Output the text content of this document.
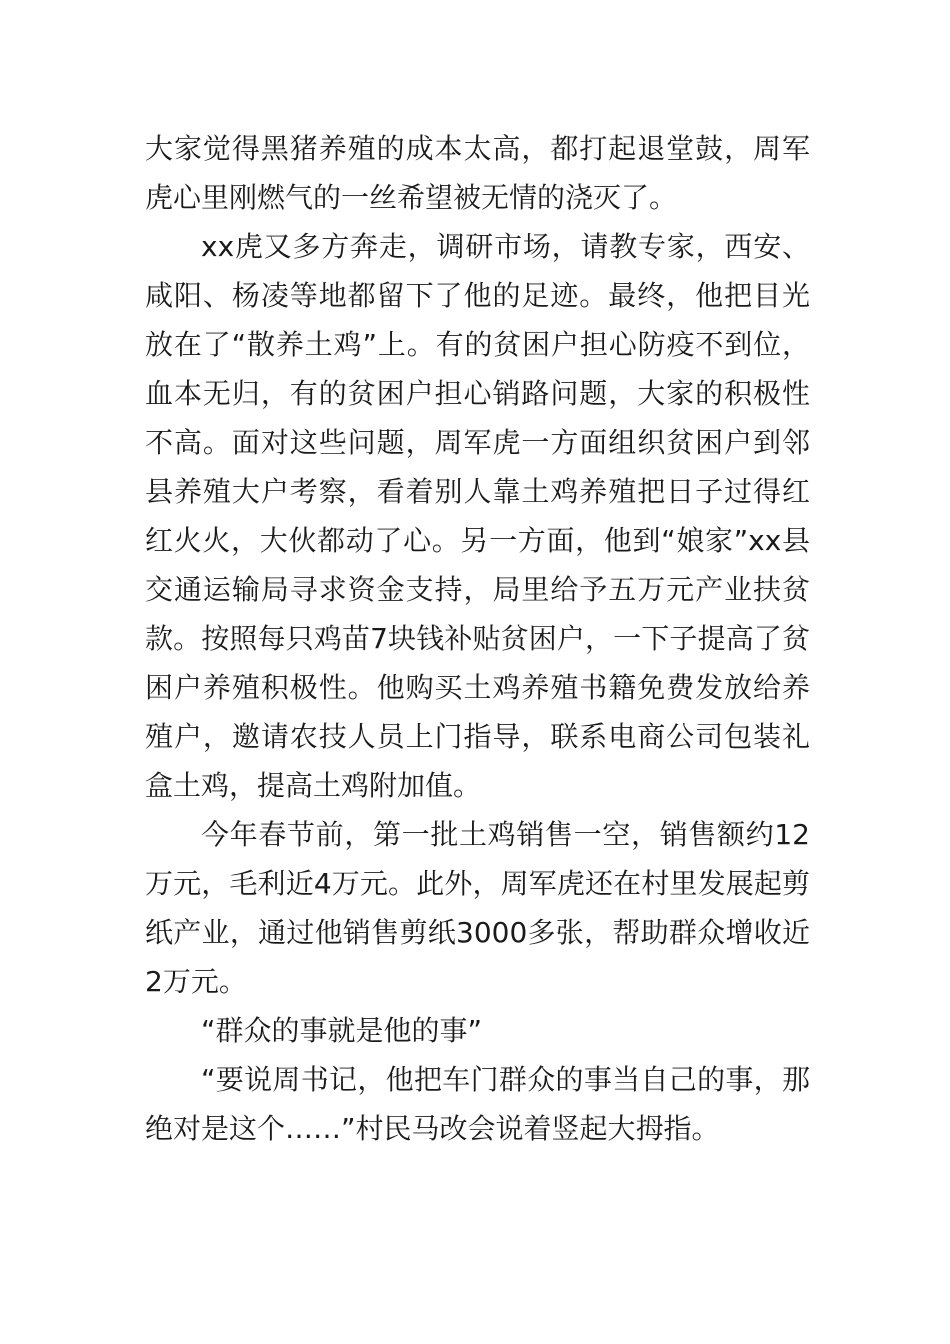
大家觉得黑猪养殖的成本太高，都打起退堂鼓，周军虎心里刚燃气的一丝希望被无情的浇灭了。

xx虎又多方奔走，调研市场，请教专家，西安、咸阳、杨凌等地都留下了他的足迹。最终，他把目光放在了“散养土鸡”上。有的贫困户担心防疫不到位，血本无归，有的贫困户担心销路问题，大家的积极性不高。面对这些问题，周军虎一方面组织贫困户到邻县养殖大户考察，看着别人靠土鸡养殖把日子过得红红火火，大伙都动了心。另一方面，他到“娘家”xx县交通运输局寻求资金支持，局里给予五万元产业扶贫款。按照每只鸡苗7块钱补贴贫困户，一下子提高了贫困户养殖积极性。他购买土鸡养殖书籍免费发放给养殖户，邀请农技人员上门指导，联系电商公司包装礼盒土鸡，提高土鸡附加值。

今年春节前，第一批土鸡销售一空，销售额约12万元，毛利近4万元。此外，周军虎还在村里发展起剪纸产业，通过他销售剪纸3000多张，帮助群众增收近2万元。

“群众的事就是他的事”

“要说周书记，他把车门群众的事当自己的事，那绝对是这个……”村民马改会说着竖起大拇指。
